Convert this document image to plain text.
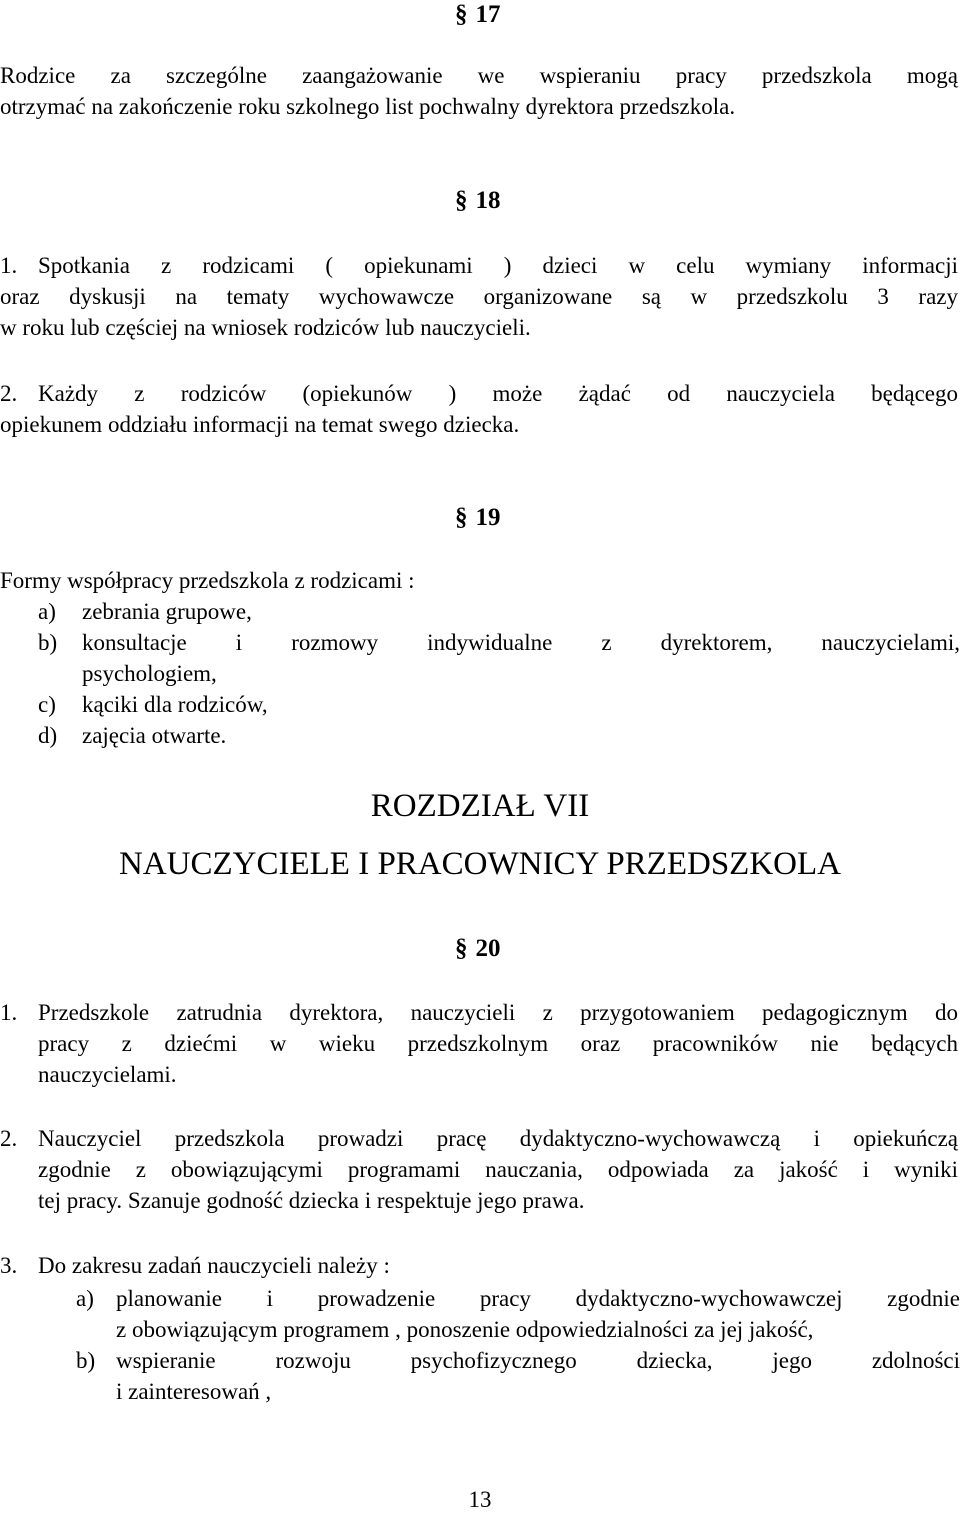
§ 17
Rodzice za szczególne zaangażowanie we wspieraniu pracy przedszkola mogą
otrzymać na zakończenie roku szkolnego list pochwalny dyrektora przedszkola.
§ 18
1. Spotkania z rodzicami ( opiekunami ) dzieci w celu wymiany informacji
oraz dyskusji na tematy wychowawcze organizowane są w przedszkolu 3 razy
w roku lub częściej na wniosek rodziców lub nauczycieli.
2. Każdy z rodziców (opiekunów ) może żądać od nauczyciela będącego
opiekunem oddziału informacji na temat swego dziecka.
§ 19
Formy współpracy przedszkola z rodzicami :
a) zebrania grupowe,
b) konsultacje i rozmowy indywidualne z dyrektorem, nauczycielami,
psychologiem,
c) kąciki dla rodziców,
d) zajęcia otwarte.
ROZDZIAŁ VII
NAUCZYCIELE I PRACOWNICY PRZEDSZKOLA
§ 20
1. Przedszkole zatrudnia dyrektora, nauczycieli z przygotowaniem pedagogicznym do
pracy z dziećmi w wieku przedszkolnym oraz pracowników nie będących
nauczycielami.
2. Nauczyciel przedszkola prowadzi pracę dydaktyczno-wychowawczą i opiekuńczą
zgodnie z obowiązującymi programami nauczania, odpowiada za jakość i wyniki
tej pracy. Szanuje godność dziecka i respektuje jego prawa.
3. Do zakresu zadań nauczycieli należy :
a) planowanie i prowadzenie pracy dydaktyczno-wychowawczej zgodnie
z obowiązującym programem , ponoszenie odpowiedzialności za jej jakość,
b) wspieranie rozwoju psychofizycznego dziecka, jego zdolności
i zainteresowań ,
13
